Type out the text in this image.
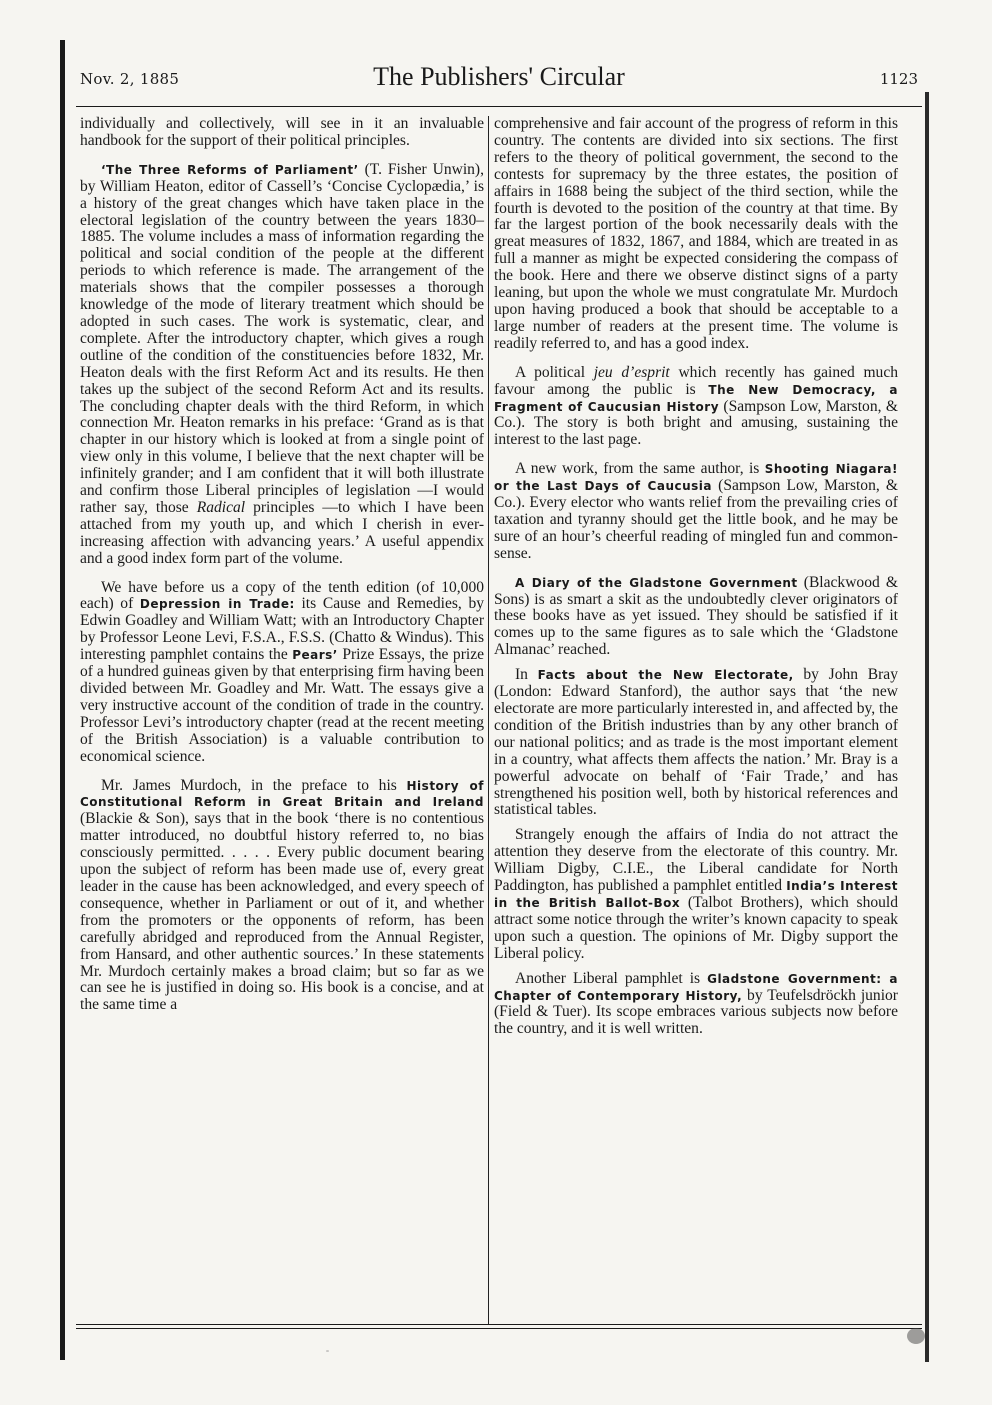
Nov. 2, 1885	The Publishers' Circular	1123

individually and collectively, will see in it an invaluable handbook for the support of their political principles.

‘The Three Reforms of Parliament’ (T. Fisher Unwin), by William Heaton, editor of Cassell’s ‘Concise Cyclopædia,’ is a history of the great changes which have taken place in the electoral legislation of the country between the years 1830–1885. The volume includes a mass of information regarding the political and social condition of the people at the different periods to which reference is made. The arrangement of the materials shows that the compiler possesses a thorough knowledge of the mode of literary treatment which should be adopted in such cases. The work is systematic, clear, and complete. After the introductory chapter, which gives a rough outline of the condition of the constituencies before 1832, Mr. Heaton deals with the first Reform Act and its results. He then takes up the subject of the second Reform Act and its results. The concluding chapter deals with the third Reform, in which connection Mr. Heaton remarks in his preface: ‘Grand as is that chapter in our history which is looked at from a single point of view only in this volume, I believe that the next chapter will be infinitely grander; and I am confident that it will both illustrate and confirm those Liberal principles of legislation —I would rather say, those Radical principles —to which I have been attached from my youth up, and which I cherish in ever-increasing affection with advancing years.’ A useful appendix and a good index form part of the volume.

We have before us a copy of the tenth edition (of 10,000 each) of Depression in Trade: its Cause and Remedies, by Edwin Goadley and William Watt; with an Introductory Chapter by Professor Leone Levi, F.S.A., F.S.S. (Chatto & Windus). This interesting pamphlet contains the Pears’ Prize Essays, the prize of a hundred guineas given by that enterprising firm having been divided between Mr. Goadley and Mr. Watt. The essays give a very instructive account of the condition of trade in the country. Professor Levi’s introductory chapter (read at the recent meeting of the British Association) is a valuable contribution to economical science.

Mr. James Murdoch, in the preface to his History of Constitutional Reform in Great Britain and Ireland (Blackie & Son), says that in the book ‘there is no contentious matter introduced, no doubtful history referred to, no bias consciously permitted. . . . . Every public document bearing upon the subject of reform has been made use of, every great leader in the cause has been acknowledged, and every speech of consequence, whether in Parliament or out of it, and whether from the promoters or the opponents of reform, has been carefully abridged and reproduced from the Annual Register, from Hansard, and other authentic sources.’ In these statements Mr. Murdoch certainly makes a broad claim; but so far as we can see he is justified in doing so. His book is a concise, and at the same time a

comprehensive and fair account of the progress of reform in this country. The contents are divided into six sections. The first refers to the theory of political government, the second to the contests for supremacy by the three estates, the position of affairs in 1688 being the subject of the third section, while the fourth is devoted to the position of the country at that time. By far the largest portion of the book necessarily deals with the great measures of 1832, 1867, and 1884, which are treated in as full a manner as might be expected considering the compass of the book. Here and there we observe distinct signs of a party leaning, but upon the whole we must congratulate Mr. Murdoch upon having produced a book that should be acceptable to a large number of readers at the present time. The volume is readily referred to, and has a good index.

A political jeu d’esprit which recently has gained much favour among the public is The New Democracy, a Fragment of Caucusian History (Sampson Low, Marston, & Co.). The story is both bright and amusing, sustaining the interest to the last page.

A new work, from the same author, is Shooting Niagara! or the Last Days of Caucusia (Sampson Low, Marston, & Co.). Every elector who wants relief from the prevailing cries of taxation and tyranny should get the little book, and he may be sure of an hour’s cheerful reading of mingled fun and common-sense.

A Diary of the Gladstone Government (Blackwood & Sons) is as smart a skit as the undoubtedly clever originators of these books have as yet issued. They should be satisfied if it comes up to the same figures as to sale which the ‘Gladstone Almanac’ reached.

In Facts about the New Electorate, by John Bray (London: Edward Stanford), the author says that ‘the new electorate are more particularly interested in, and affected by, the condition of the British industries than by any other branch of our national politics; and as trade is the most important element in a country, what affects them affects the nation.’ Mr. Bray is a powerful advocate on behalf of ‘Fair Trade,’ and has strengthened his position well, both by historical references and statistical tables.

Strangely enough the affairs of India do not attract the attention they deserve from the electorate of this country. Mr. William Digby, C.I.E., the Liberal candidate for North Paddington, has published a pamphlet entitled India’s Interest in the British Ballot-Box (Talbot Brothers), which should attract some notice through the writer’s known capacity to speak upon such a question. The opinions of Mr. Digby support the Liberal policy.

Another Liberal pamphlet is Gladstone Government: a Chapter of Contemporary History, by Teufelsdröckh junior (Field & Tuer). Its scope embraces various subjects now before the country, and it is well written.
